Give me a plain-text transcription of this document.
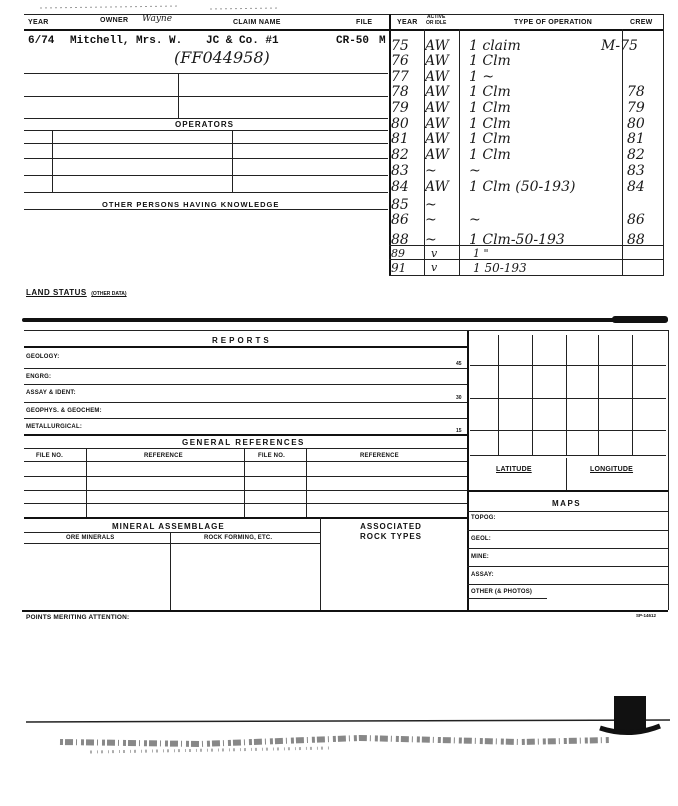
YEAR	OWNER Wayne	CLAIM NAME	FILE	YEAR
ACTIVE
OR IDLE	TYPE OF OPERATION	CREW
6/74 Mitchell, Mrs. W. JC & Co. #1	CR-50 M
(FF044958)
OPERATORS
OTHER PERSONS HAVING KNOWLEDGE
75 AW 1 claim	M-75
76 AW 1 Clm
77 AW 1 ~
78 AW 1 Clm	78
79 AW 1 Clm	79
80 AW 1 Clm	80
81 AW 1 Clm	81
82 AW 1 Clm	82
83 ~ ~	83
84 AW 1 Clm (50-193)	84
85 ~
86 ~ ~	86
88 ~ 1 Clm-50-193	88
89 v	1 "
91 v	1 50-193
LAND STATUS (OTHER DATA)
REPORTS
GEOLOGY:
45
ENGRG:
ASSAY & IDENT:
30
GEOPHYS. & GEOCHEM:
METALLURGICAL:
15
GENERAL REFERENCES
FILE NO.	REFERENCE	FILE NO.	REFERENCE
MINERAL ASSEMBLAGE
ORE MINERALS	ROCK FORMING, ETC.
ASSOCIATED
ROCK TYPES
LATITUDE	LONGITUDE
MAPS
TOPOG:
GEOL:
MINE:
ASSAY:
OTHER (& PHOTOS)
POINTS MERITING ATTENTION:	SP-14612
